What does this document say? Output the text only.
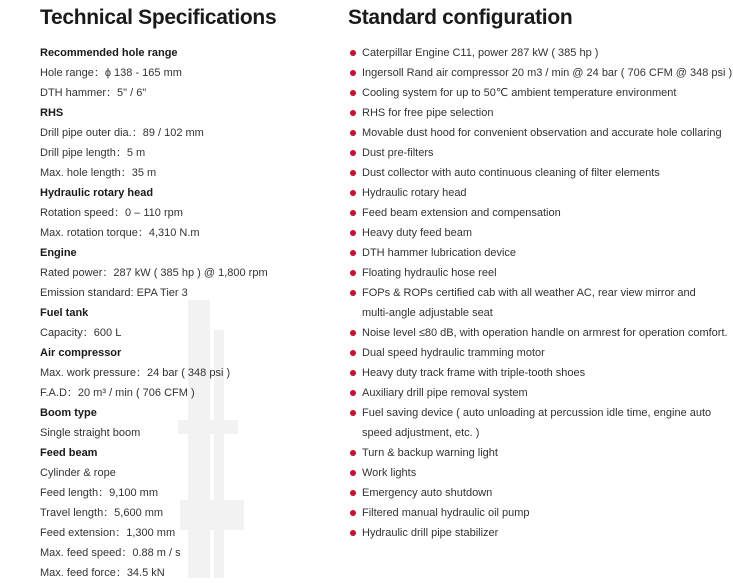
Technical Specifications
Recommended hole range
Hole range：ϕ 138 - 165 mm
DTH hammer：5" / 6"
RHS
Drill pipe outer dia.：89 / 102 mm
Drill pipe length：5 m
Max. hole length：35 m
Hydraulic rotary head
Rotation speed：0 – 110 rpm
Max. rotation torque：4,310 N.m
Engine
Rated power：287 kW ( 385 hp ) @ 1,800 rpm
Emission standard: EPA Tier 3
Fuel tank
Capacity：600 L
Air compressor
Max. work pressure：24 bar ( 348 psi )
F.A.D：20 m³ / min ( 706 CFM )
Boom type
Single straight boom
Feed beam
Cylinder & rope
Feed length：9,100 mm
Travel length：5,600 mm
Feed extension：1,300 mm
Max. feed speed：0.88 m / s
Max. feed force：34.5 kN
Standard configuration
Caterpillar Engine C11, power 287 kW ( 385 hp )
Ingersoll Rand air compressor 20 m3 / min @ 24 bar ( 706 CFM @ 348 psi )
Cooling system for up to 50℃ ambient temperature environment
RHS for free pipe selection
Movable dust hood for convenient observation and accurate hole collaring
Dust pre-filters
Dust collector with auto continuous cleaning of filter elements
Hydraulic rotary head
Feed beam extension and compensation
Heavy duty feed beam
DTH hammer lubrication device
Floating hydraulic hose reel
FOPs & ROPs certified cab with all weather AC, rear view mirror and
multi-angle adjustable seat
Noise level ≤80 dB, with operation handle on armrest for operation comfort.
Dual speed hydraulic tramming motor
Heavy duty track frame with triple-tooth shoes
Auxiliary drill pipe removal system
Fuel saving device ( auto unloading at percussion idle time, engine auto
speed adjustment, etc. )
Turn & backup warning light
Work lights
Emergency auto shutdown
Filtered manual hydraulic oil pump
Hydraulic drill pipe stabilizer
